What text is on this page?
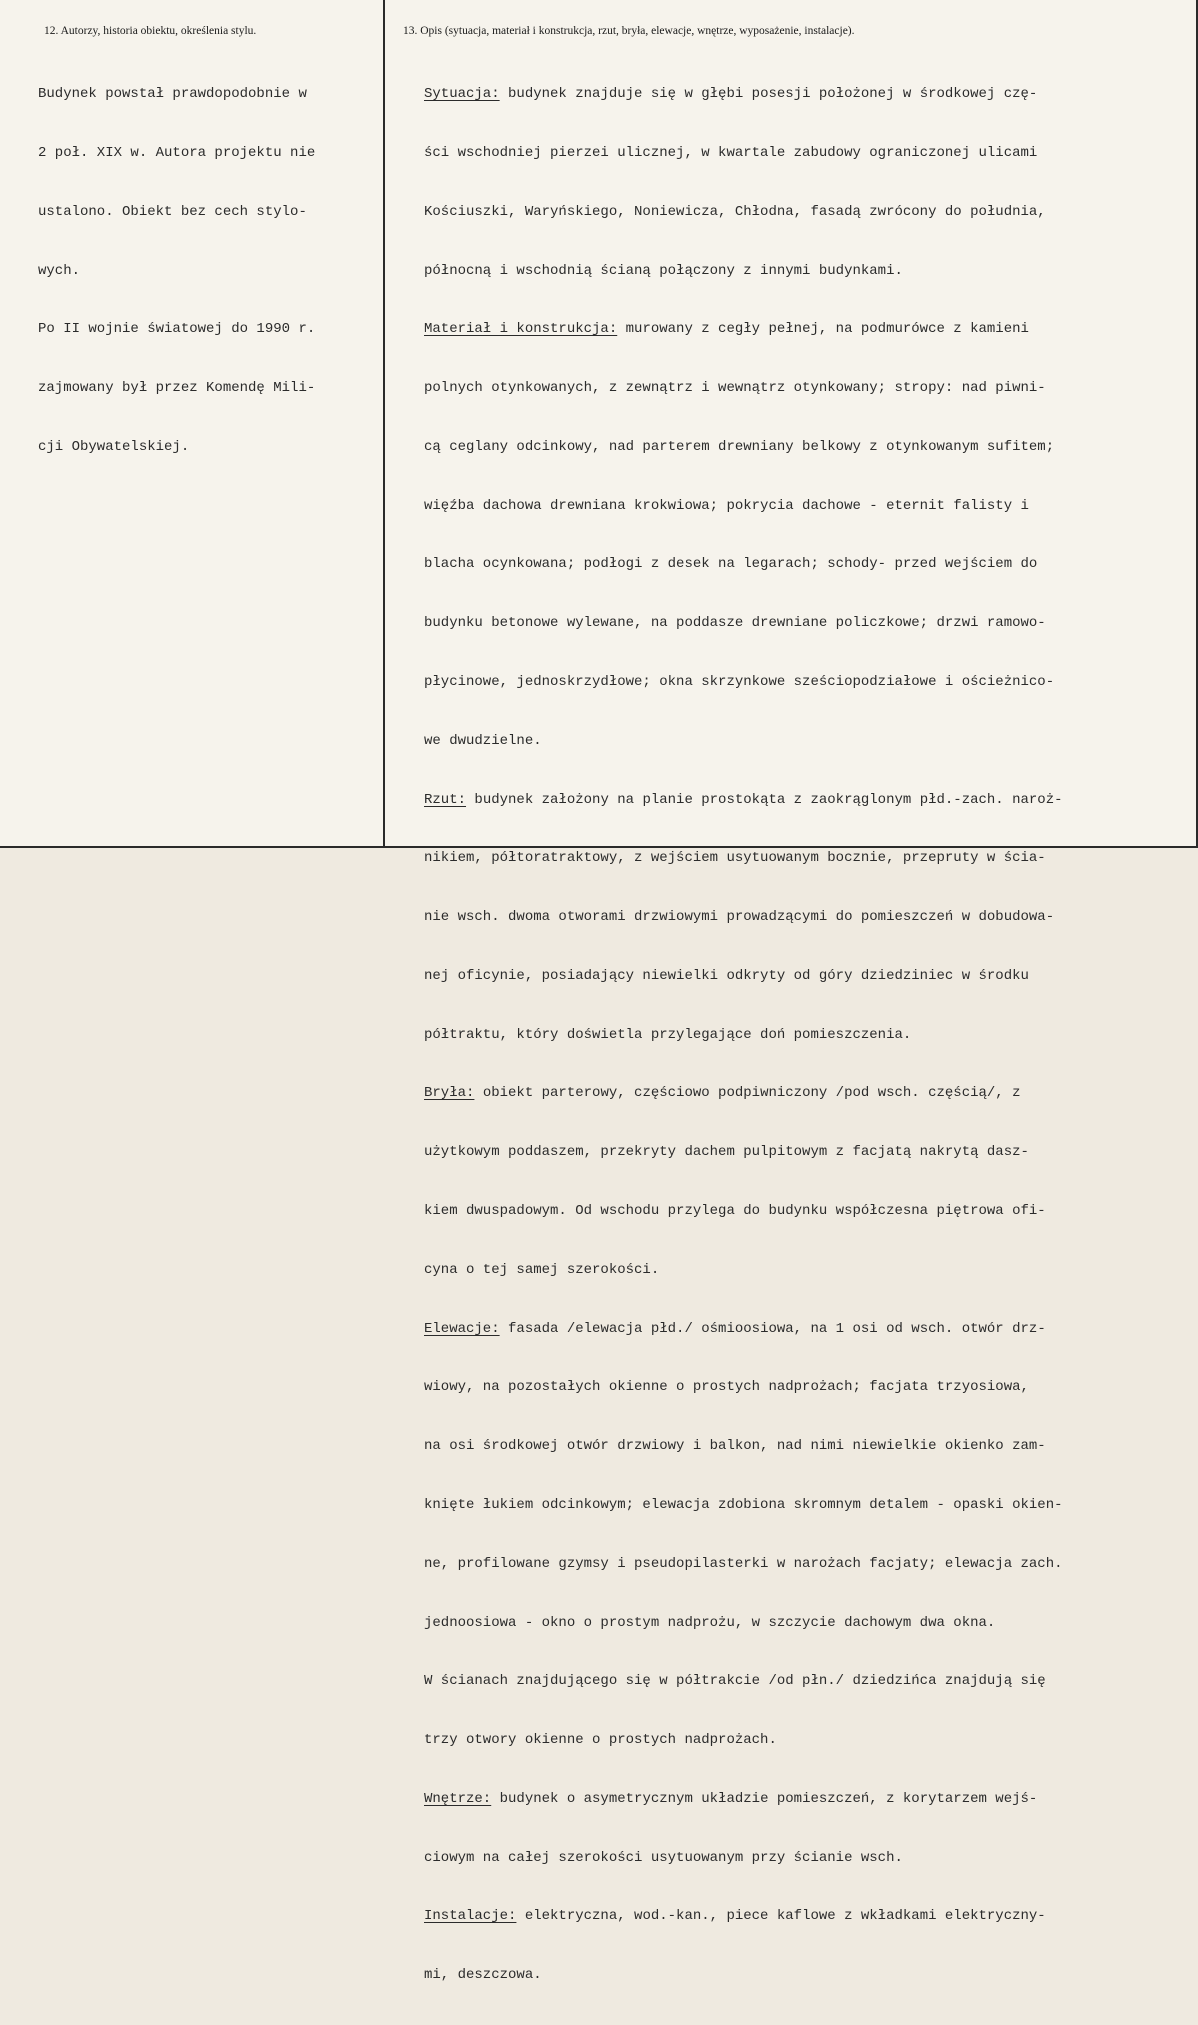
12. Autorzy, historia obiektu, określenia stylu.	13. Opis (sytuacja, materiał i konstrukcja, rzut, bryła, elewacje, wnętrze, wyposażenie, instalacje).

Budynek powstał prawdopodobnie w

2 poł. XIX w. Autora projektu nie

ustalono. Obiekt bez cech stylo-

wych.

Po II wojnie światowej do 1990 r.

zajmowany był przez Komendę Mili-

cji Obywatelskiej.

Sytuacja: budynek znajduje się w głębi posesji położonej w środkowej czę-

ści wschodniej pierzei ulicznej, w kwartale zabudowy ograniczonej ulicami

Kościuszki, Waryńskiego, Noniewicza, Chłodna, fasadą zwrócony do południa,

północną i wschodnią ścianą połączony z innymi budynkami.

Materiał i konstrukcja: murowany z cegły pełnej, na podmurówce z kamieni

polnych otynkowanych, z zewnątrz i wewnątrz otynkowany; stropy: nad piwni-

cą ceglany odcinkowy, nad parterem drewniany belkowy z otynkowanym sufitem;

więźba dachowa drewniana krokwiowa; pokrycia dachowe - eternit falisty i

blacha ocynkowana; podłogi z desek na legarach; schody- przed wejściem do

budynku betonowe wylewane, na poddasze drewniane policzkowe; drzwi ramowo-

płycinowe, jednoskrzydłowe; okna skrzynkowe sześciopodziałowe i ościeżnico-

we dwudzielne.

Rzut: budynek założony na planie prostokąta z zaokrąglonym płd.-zach. naroż-

nikiem, półtoratraktowy, z wejściem usytuowanym bocznie, przepruty w ścia-

nie wsch. dwoma otworami drzwiowymi prowadzącymi do pomieszczeń w dobudowa-

nej oficynie, posiadający niewielki odkryty od góry dziedziniec w środku

półtraktu, który doświetla przylegające doń pomieszczenia.

Bryła: obiekt parterowy, częściowo podpiwniczony /pod wsch. częścią/, z

użytkowym poddaszem, przekryty dachem pulpitowym z facjatą nakrytą dasz-

kiem dwuspadowym. Od wschodu przylega do budynku współczesna piętrowa ofi-

cyna o tej samej szerokości.

Elewacje: fasada /elewacja płd./ ośmioosiowa, na 1 osi od wsch. otwór drz-

wiowy, na pozostałych okienne o prostych nadprożach; facjata trzyosiowa,

na osi środkowej otwór drzwiowy i balkon, nad nimi niewielkie okienko zam-

knięte łukiem odcinkowym; elewacja zdobiona skromnym detalem - opaski okien-

ne, profilowane gzymsy i pseudopilasterki w narożach facjaty; elewacja zach.

jednoosiowa - okno o prostym nadprożu, w szczycie dachowym dwa okna.

W ścianach znajdującego się w półtrakcie /od płn./ dziedzińca znajdują się

trzy otwory okienne o prostych nadprożach.

Wnętrze: budynek o asymetrycznym układzie pomieszczeń, z korytarzem wejś-

ciowym na całej szerokości usytuowanym przy ścianie wsch.

Instalacje: elektryczna, wod.-kan., piece kaflowe z wkładkami elektryczny-

mi, deszczowa.
